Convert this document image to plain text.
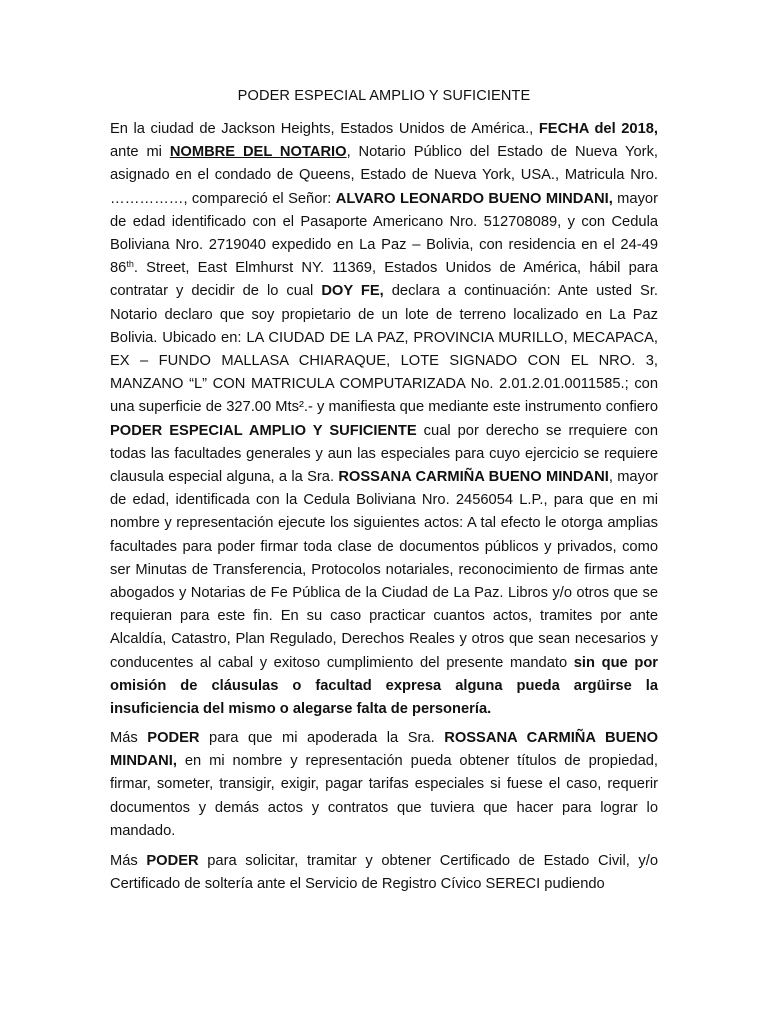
PODER ESPECIAL AMPLIO Y SUFICIENTE

En la ciudad de Jackson Heights, Estados Unidos de América., FECHA del 2018, ante mi NOMBRE DEL NOTARIO, Notario Público del Estado de Nueva York, asignado en el condado de Queens, Estado de Nueva York, USA., Matricula Nro. ……………, compareció el Señor: ALVARO LEONARDO BUENO MINDANI, mayor de edad identificado con el Pasaporte Americano Nro. 512708089, y con Cedula Boliviana Nro. 2719040 expedido en La Paz – Bolivia, con residencia en el 24-49 86th. Street, East Elmhurst NY. 11369, Estados Unidos de América, hábil para contratar y decidir de lo cual DOY FE, declara a continuación: Ante usted Sr. Notario declaro que soy propietario de un lote de terreno localizado en La Paz Bolivia. Ubicado en: LA CIUDAD DE LA PAZ, PROVINCIA MURILLO, MECAPACA, EX – FUNDO MALLASA CHIARAQUE, LOTE SIGNADO CON EL NRO. 3, MANZANO “L” CON MATRICULA COMPUTARIZADA No. 2.01.2.01.0011585.; con una superficie de 327.00 Mts².- y manifiesta que mediante este instrumento confiero PODER ESPECIAL AMPLIO Y SUFICIENTE cual por derecho se rrequiere con todas las facultades generales y aun las especiales para cuyo ejercicio se requiere clausula especial alguna, a la Sra. ROSSANA CARMIÑA BUENO MINDANI, mayor de edad, identificada con la Cedula Boliviana Nro. 2456054 L.P., para que en mi nombre y representación ejecute los siguientes actos: A tal efecto le otorga amplias facultades para poder firmar toda clase de documentos públicos y privados, como ser Minutas de Transferencia, Protocolos notariales, reconocimiento de firmas ante abogados y Notarias de Fe Pública de la Ciudad de La Paz. Libros y/o otros que se requieran para este fin. En su caso practicar cuantos actos, tramites por ante Alcaldía, Catastro, Plan Regulado, Derechos Reales y otros que sean necesarios y conducentes al cabal y exitoso cumplimiento del presente mandato sin que por omisión de cláusulas o facultad expresa alguna pueda argüirse la insuficiencia del mismo o alegarse falta de personería.

Más PODER para que mi apoderada la Sra. ROSSANA CARMIÑA BUENO MINDANI, en mi nombre y representación pueda obtener títulos de propiedad, firmar, someter, transigir, exigir, pagar tarifas especiales si fuese el caso, requerir documentos y demás actos y contratos que tuviera que hacer para lograr lo mandado.

Más PODER para solicitar, tramitar y obtener Certificado de Estado Civil, y/o Certificado de soltería ante el Servicio de Registro Cívico SERECI pudiendo
